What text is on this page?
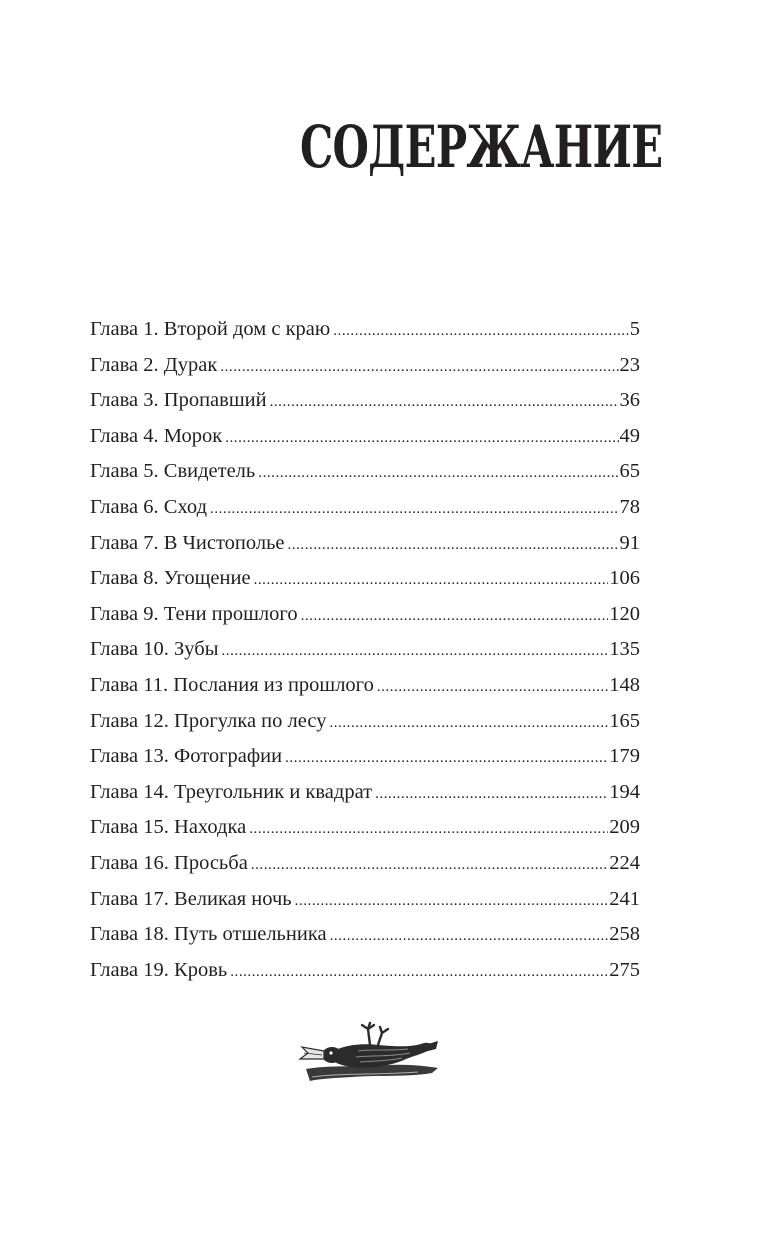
СОДЕРЖАНИЕ
Глава 1. Второй дом с краю . . .	5
Глава 2. Дурак . . .	23
Глава 3. Пропавший . . .	36
Глава 4. Морок . . .	49
Глава 5. Свидетель . . .	65
Глава 6. Сход . . .	78
Глава 7. В Чистополье . . .	91
Глава 8. Угощение . . .	106
Глава 9. Тени прошлого . . .	120
Глава 10. Зубы . . .	135
Глава 11. Послания из прошлого . . .	148
Глава 12. Прогулка по лесу . . .	165
Глава 13. Фотографии . . .	179
Глава 14. Треугольник и квадрат . . .	194
Глава 15. Находка . . .	209
Глава 16. Просьба . . .	224
Глава 17. Великая ночь . . .	241
Глава 18. Путь отшельника . . .	258
Глава 19. Кровь . . .	275
